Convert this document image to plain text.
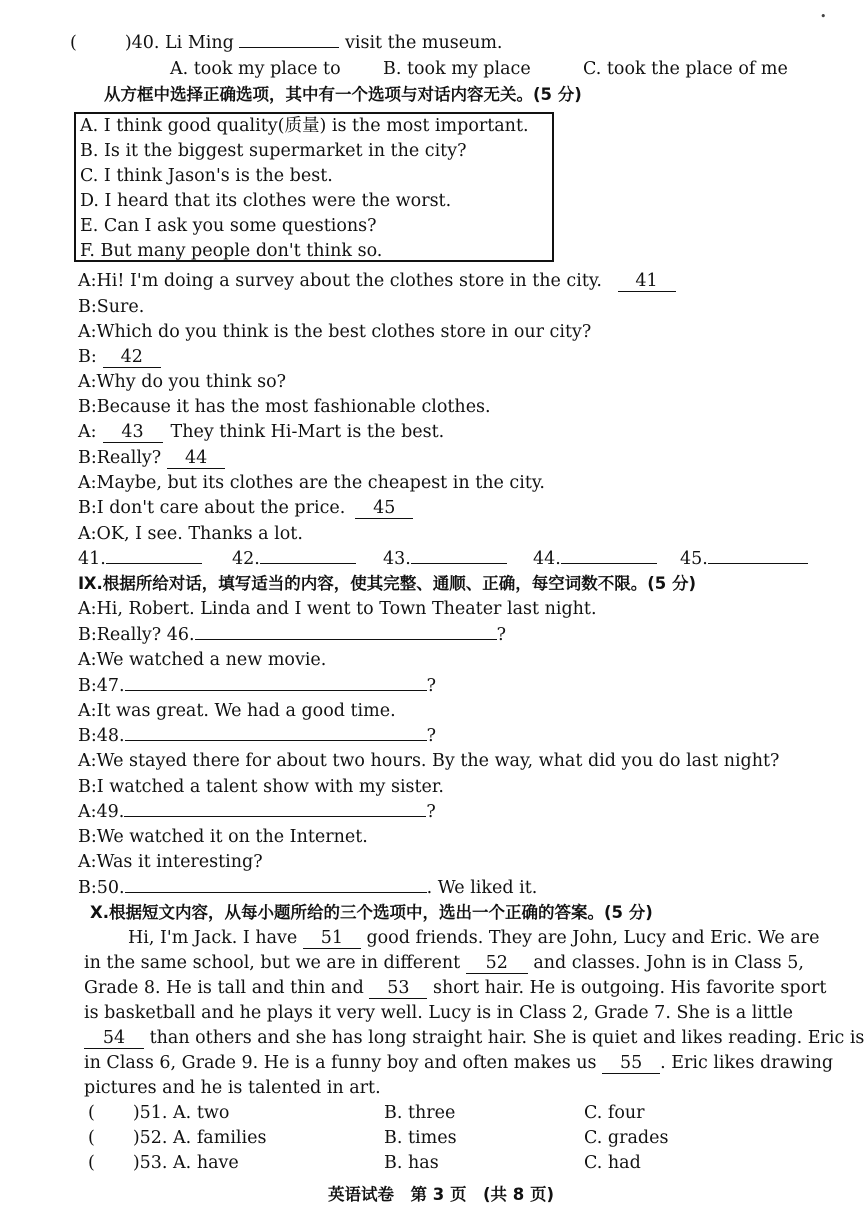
•
(	)40. Li Ming	visit the museum.
A. took my place to B. took my place	C. took the place of me
从方框中选择正确选项，其中有一个选项与对话内容无关。(5 分)
A. I think good quality(质量) is the most important.
B. Is it the biggest supermarket in the city?
C. I think Jason's is the best.
D. I heard that its clothes were the worst.
E. Can I ask you some questions?
F. But many people don't think so.
A:Hi! I'm doing a survey about the clothes store in the city. 41
B:Sure.
A:Which do you think is the best clothes store in our city?
B: 42
A:Why do you think so?
B:Because it has the most fashionable clothes.
A: 43 They think Hi-Mart is the best.
B:Really? 44
A:Maybe, but its clothes are the cheapest in the city.
B:I don't care about the price. 45
A:OK, I see. Thanks a lot.
41.	42.	43.	44.	45.
Ⅸ.根据所给对话，填写适当的内容，使其完整、通顺、正确，每空词数不限。(5 分)
A:Hi, Robert. Linda and I went to Town Theater last night.
B:Really? 46.	?
A:We watched a new movie.
B:47.	?
A:It was great. We had a good time.
B:48.	?
A:We stayed there for about two hours. By the way, what did you do last night?
B:I watched a talent show with my sister.
A:49.	?
B:We watched it on the Internet.
A:Was it interesting?
B:50.	. We liked it.
Ⅹ.根据短文内容，从每小题所给的三个选项中，选出一个正确的答案。(5 分)
Hi, I'm Jack. I have 51 good friends. They are John, Lucy and Eric. We are
in the same school, but we are in different 52 and classes. John is in Class 5,
Grade 8. He is tall and thin and 53 short hair. He is outgoing. His favorite sport
is basketball and he plays it very well. Lucy is in Class 2, Grade 7. She is a little
54 than others and she has long straight hair. She is quiet and likes reading. Eric is
in Class 6, Grade 9. He is a funny boy and often makes us 55 . Eric likes drawing
pictures and he is talented in art.
( )51. A. two	B. three	C. four
( )52. A. families	B. times	C. grades
( )53. A. have	B. has	C. had
英语试卷　第 3 页　(共 8 页)
